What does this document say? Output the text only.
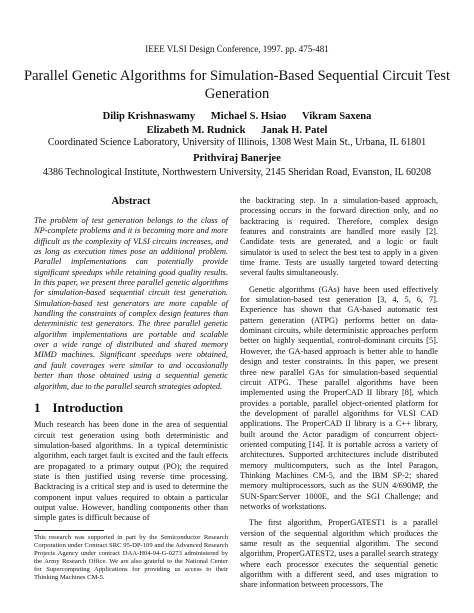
IEEE VLSI Design Conference, 1997. pp. 475-481
Parallel Genetic Algorithms for Simulation-Based Sequential Circuit Test Generation
Dilip Krishnaswamy      Michael S. Hsiao      Vikram Saxena
Elizabeth M. Rudnick      Janak H. Patel
Coordinated Science Laboratory, University of Illinois, 1308 West Main St., Urbana, IL 61801
Prithviraj Banerjee
4386 Technological Institute, Northwestern University, 2145 Sheridan Road, Evanston, IL 60208
Abstract

The problem of test generation belongs to the class of NP-complete problems and it is becoming more and more difficult as the complexity of VLSI circuits increases, and as long as execution times pose an additional problem. Parallel implementations can potentially provide significant speedups while retaining good quality results. In this paper, we present three parallel genetic algorithms for simulation-based sequential circuit test generation. Simulation-based test generators are more capable of handling the constraints of complex design features than deterministic test generators. The three parallel genetic algorithm implementations are portable and scalable over a wide range of distributed and shared memory MIMD machines. Significant speedups were obtained, and fault coverages were similar to and occasionally better than those obtained using a sequential genetic algorithm, due to the parallel search strategies adopted.

1 Introduction

Much research has been done in the area of sequential circuit test generation using both deterministic and simulation-based algorithms. In a typical deterministic algorithm, each target fault is excited and the fault effects are propagated to a primary output (PO); the required state is then justified using reverse time processing. Backtracing is a critical step and is used to determine the component input values required to obtain a particular output value. However, handling components other than simple gates is difficult because of

This research was supported in part by the Semiconductor Research Corporation under Contract SRC 95-DP-109 and the Advanced Research Projects Agency under contract DAA-H04-94-G-0273 administered by the Army Research Office. We are also grateful to the National Center for Supercomputing Applications for providing us access to their Thinking Machines CM-5.

the backtracing step. In a simulation-based approach, processing occurs in the forward direction only, and no backtracing is required. Therefore, complex design features and constraints are handled more easily [2]. Candidate tests are generated, and a logic or fault simulator is used to select the best test to apply in a given time frame. Tests are usually targeted toward detecting several faults simultaneously.

Genetic algorithms (GAs) have been used effectively for simulation-based test generation [3, 4, 5, 6, 7]. Experience has shown that GA-based automatic test pattern generation (ATPG) performs better on data-dominant circuits, while deterministic approaches perform better on highly sequential, control-dominant circuits [5]. However, the GA-based approach is better able to handle design and tester constraints. In this paper, we present three new parallel GAs for simulation-based sequential circuit ATPG. These parallel algorithms have been implemented using the ProperCAD II library [8], which provides a portable, parallel object-oriented platform for the development of parallel algorithms for VLSI CAD applications. The ProperCAD II library is a C++ library, built around the Actor paradigm of concurrent object-oriented computing [14]. It is portable across a variety of architectures. Supported architectures include distributed memory multicomputers, such as the Intel Paragon, Thinking Machines CM-5, and the IBM SP-2; shared memory multiprocessors, such as the SUN 4/690MP, the SUN-SparcServer 1000E, and the SGI Challenge; and networks of workstations.

The first algorithm, ProperGATEST1 is a parallel version of the sequential algorithm which produces the same result as the sequential algorithm. The second algorithm, ProperGATEST2, uses a parallel search strategy where each processor executes the sequential genetic algorithm with a different seed, and uses migration to share information between processors. The
